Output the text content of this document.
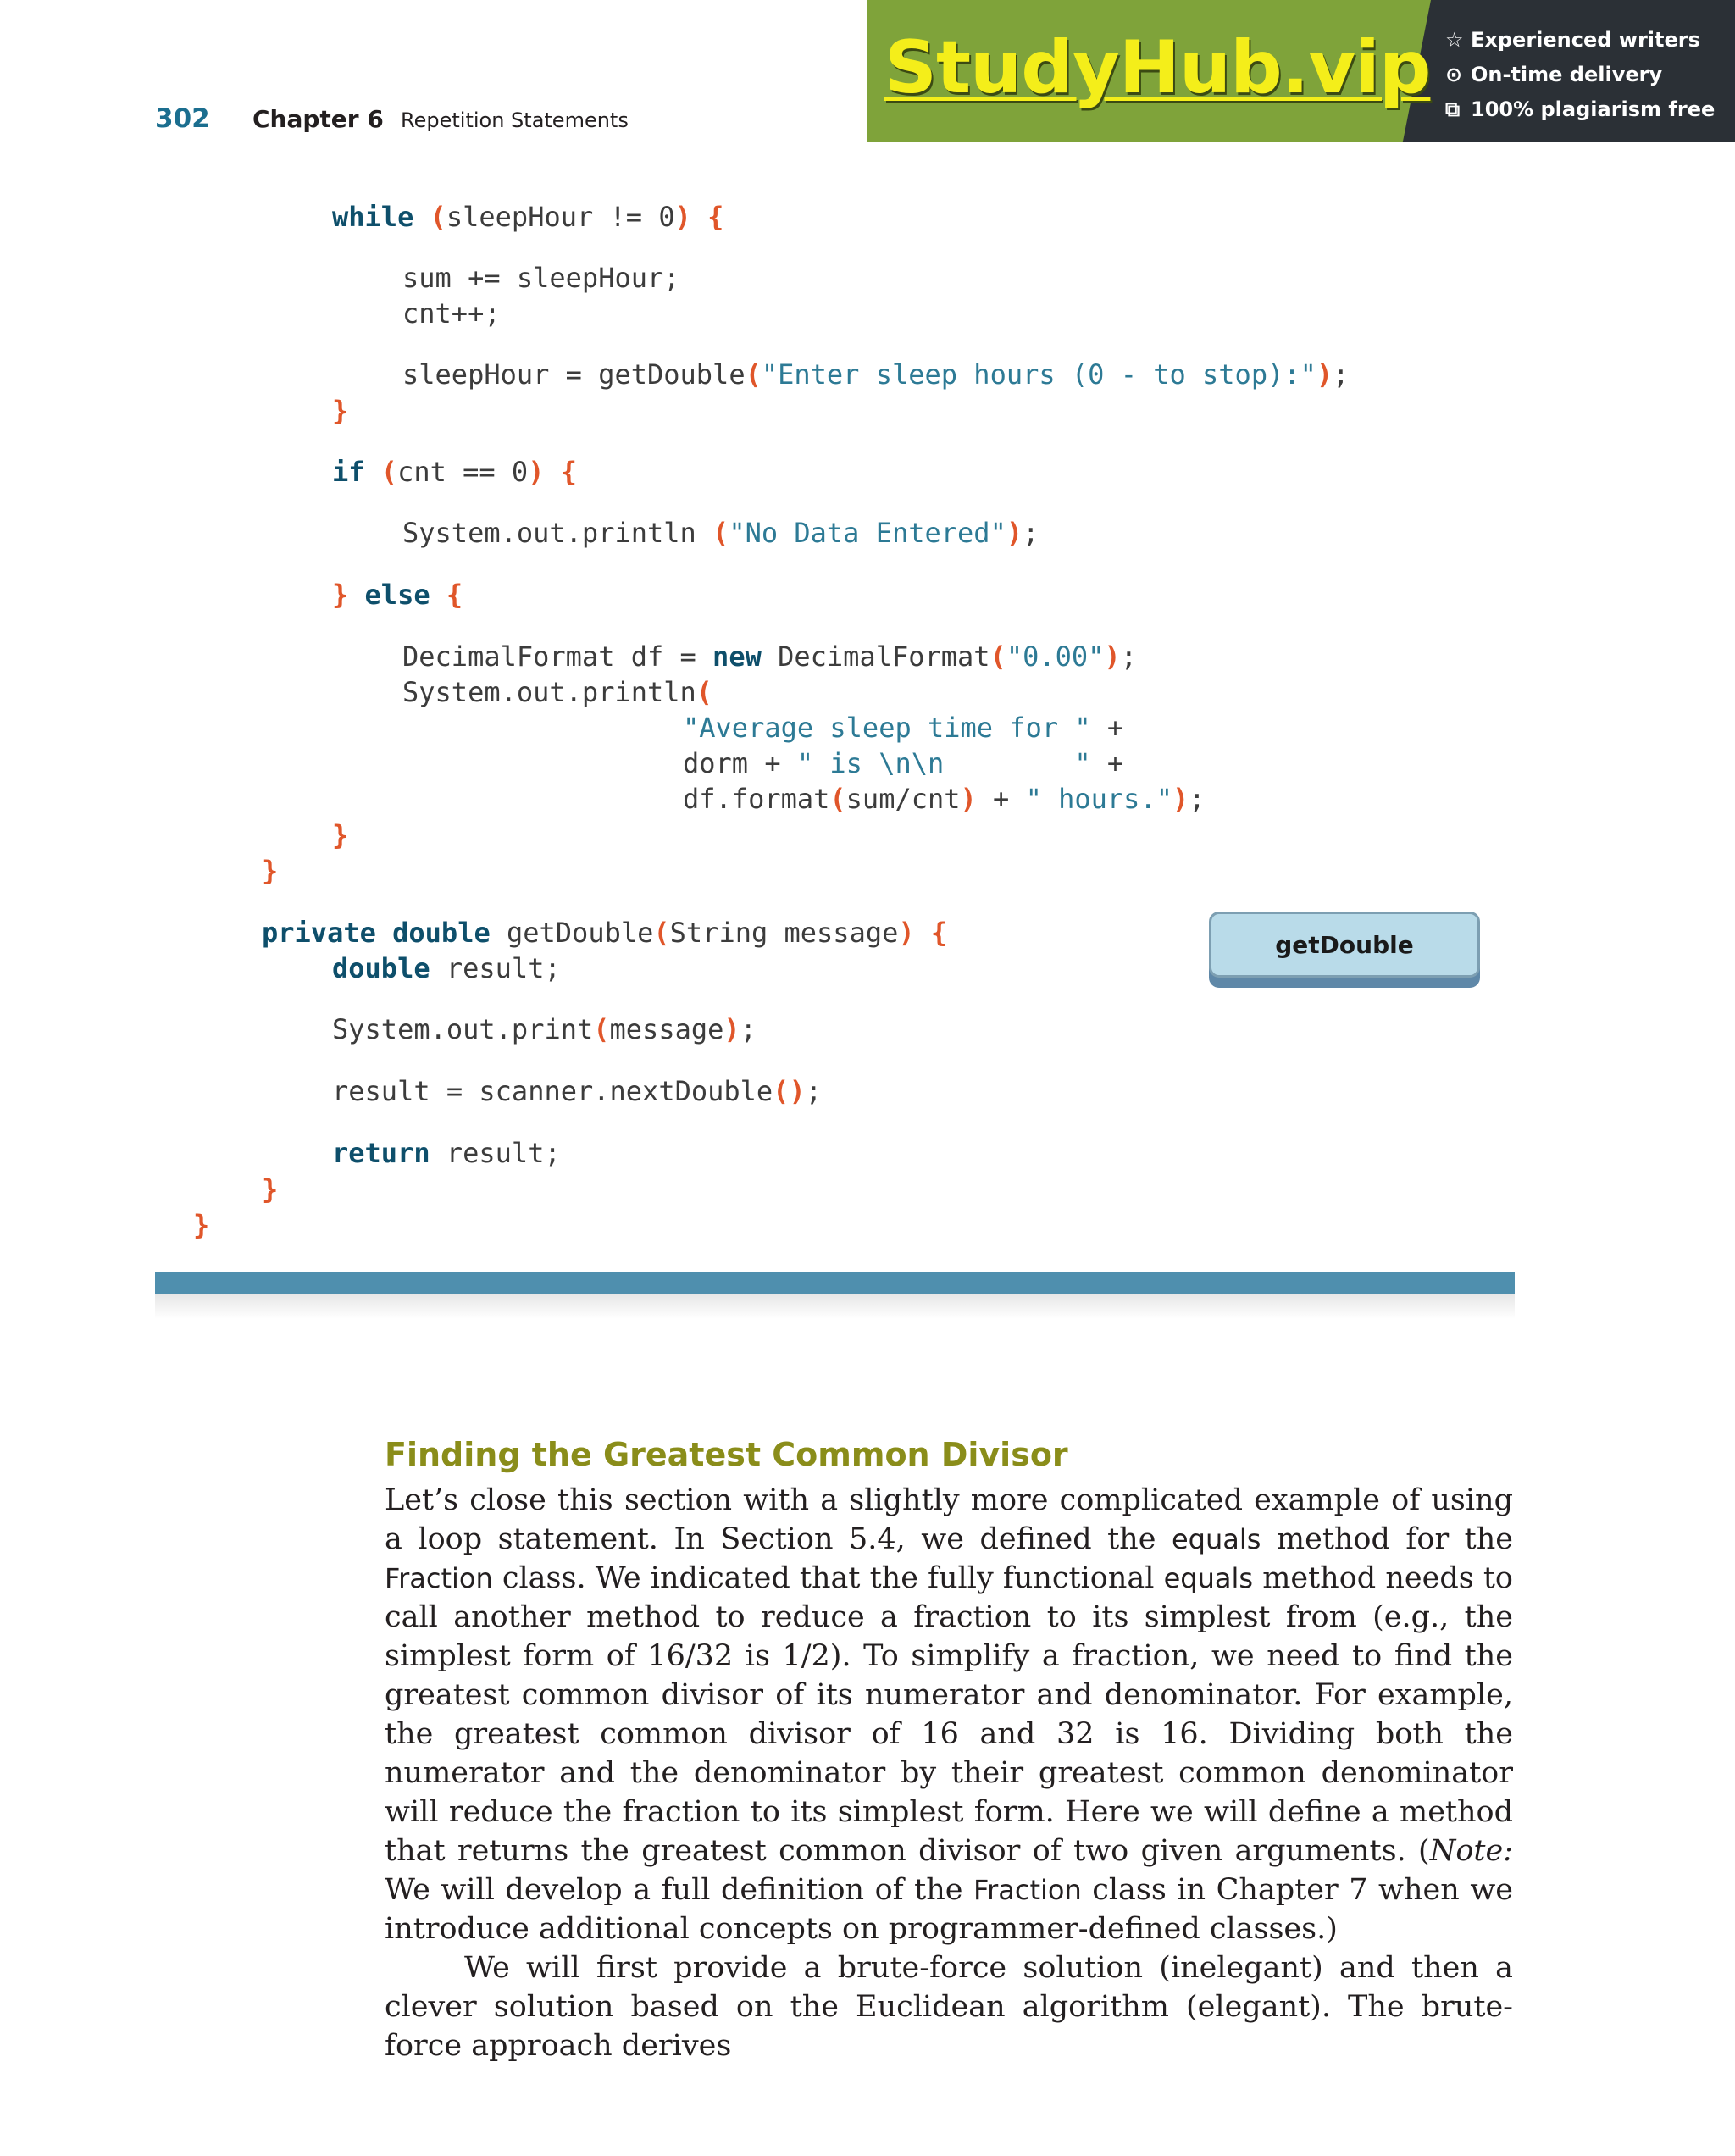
302 Chapter 6 Repetition Statements
StudyHub.vip ☆ Experienced writers
⊙ On-time delivery
⧉ 100% plagiarism free
while (sleepHour != 0) {
sum += sleepHour;
cnt++;
sleepHour = getDouble("Enter sleep hours (0 - to stop):");
}
if (cnt == 0) {
System.out.println ("No Data Entered");
} else {
DecimalFormat df = new DecimalFormat("0.00");
System.out.println(
"Average sleep time for " +
dorm + " is \n\n        " +
df.format(sum/cnt) + " hours.");
}
}
private double getDouble(String message) {
double result;
System.out.print(message);
result = scanner.nextDouble();
return result;
}
}
getDouble
Finding the Greatest Common Divisor

Let’s close this section with a slightly more complicated example of using a loop statement. In Section 5.4, we defined the equals method for the Fraction class. We indicated that the fully functional equals method needs to call another method to reduce a fraction to its simplest from (e.g., the simplest form of 16/32 is 1/2). To simplify a fraction, we need to find the greatest common divisor of its numerator and denominator. For example, the greatest common divisor of 16 and 32 is 16. Dividing both the numerator and the denominator by their greatest common denominator will reduce the fraction to its simplest form. Here we will define a method that returns the greatest common divisor of two given arguments. (Note: We will develop a full definition of the Fraction class in Chapter 7 when we introduce additional concepts on programmer-defined classes.)

We will first provide a brute-force solution (inelegant) and then a clever solution based on the Euclidean algorithm (elegant). The brute-force approach derives
